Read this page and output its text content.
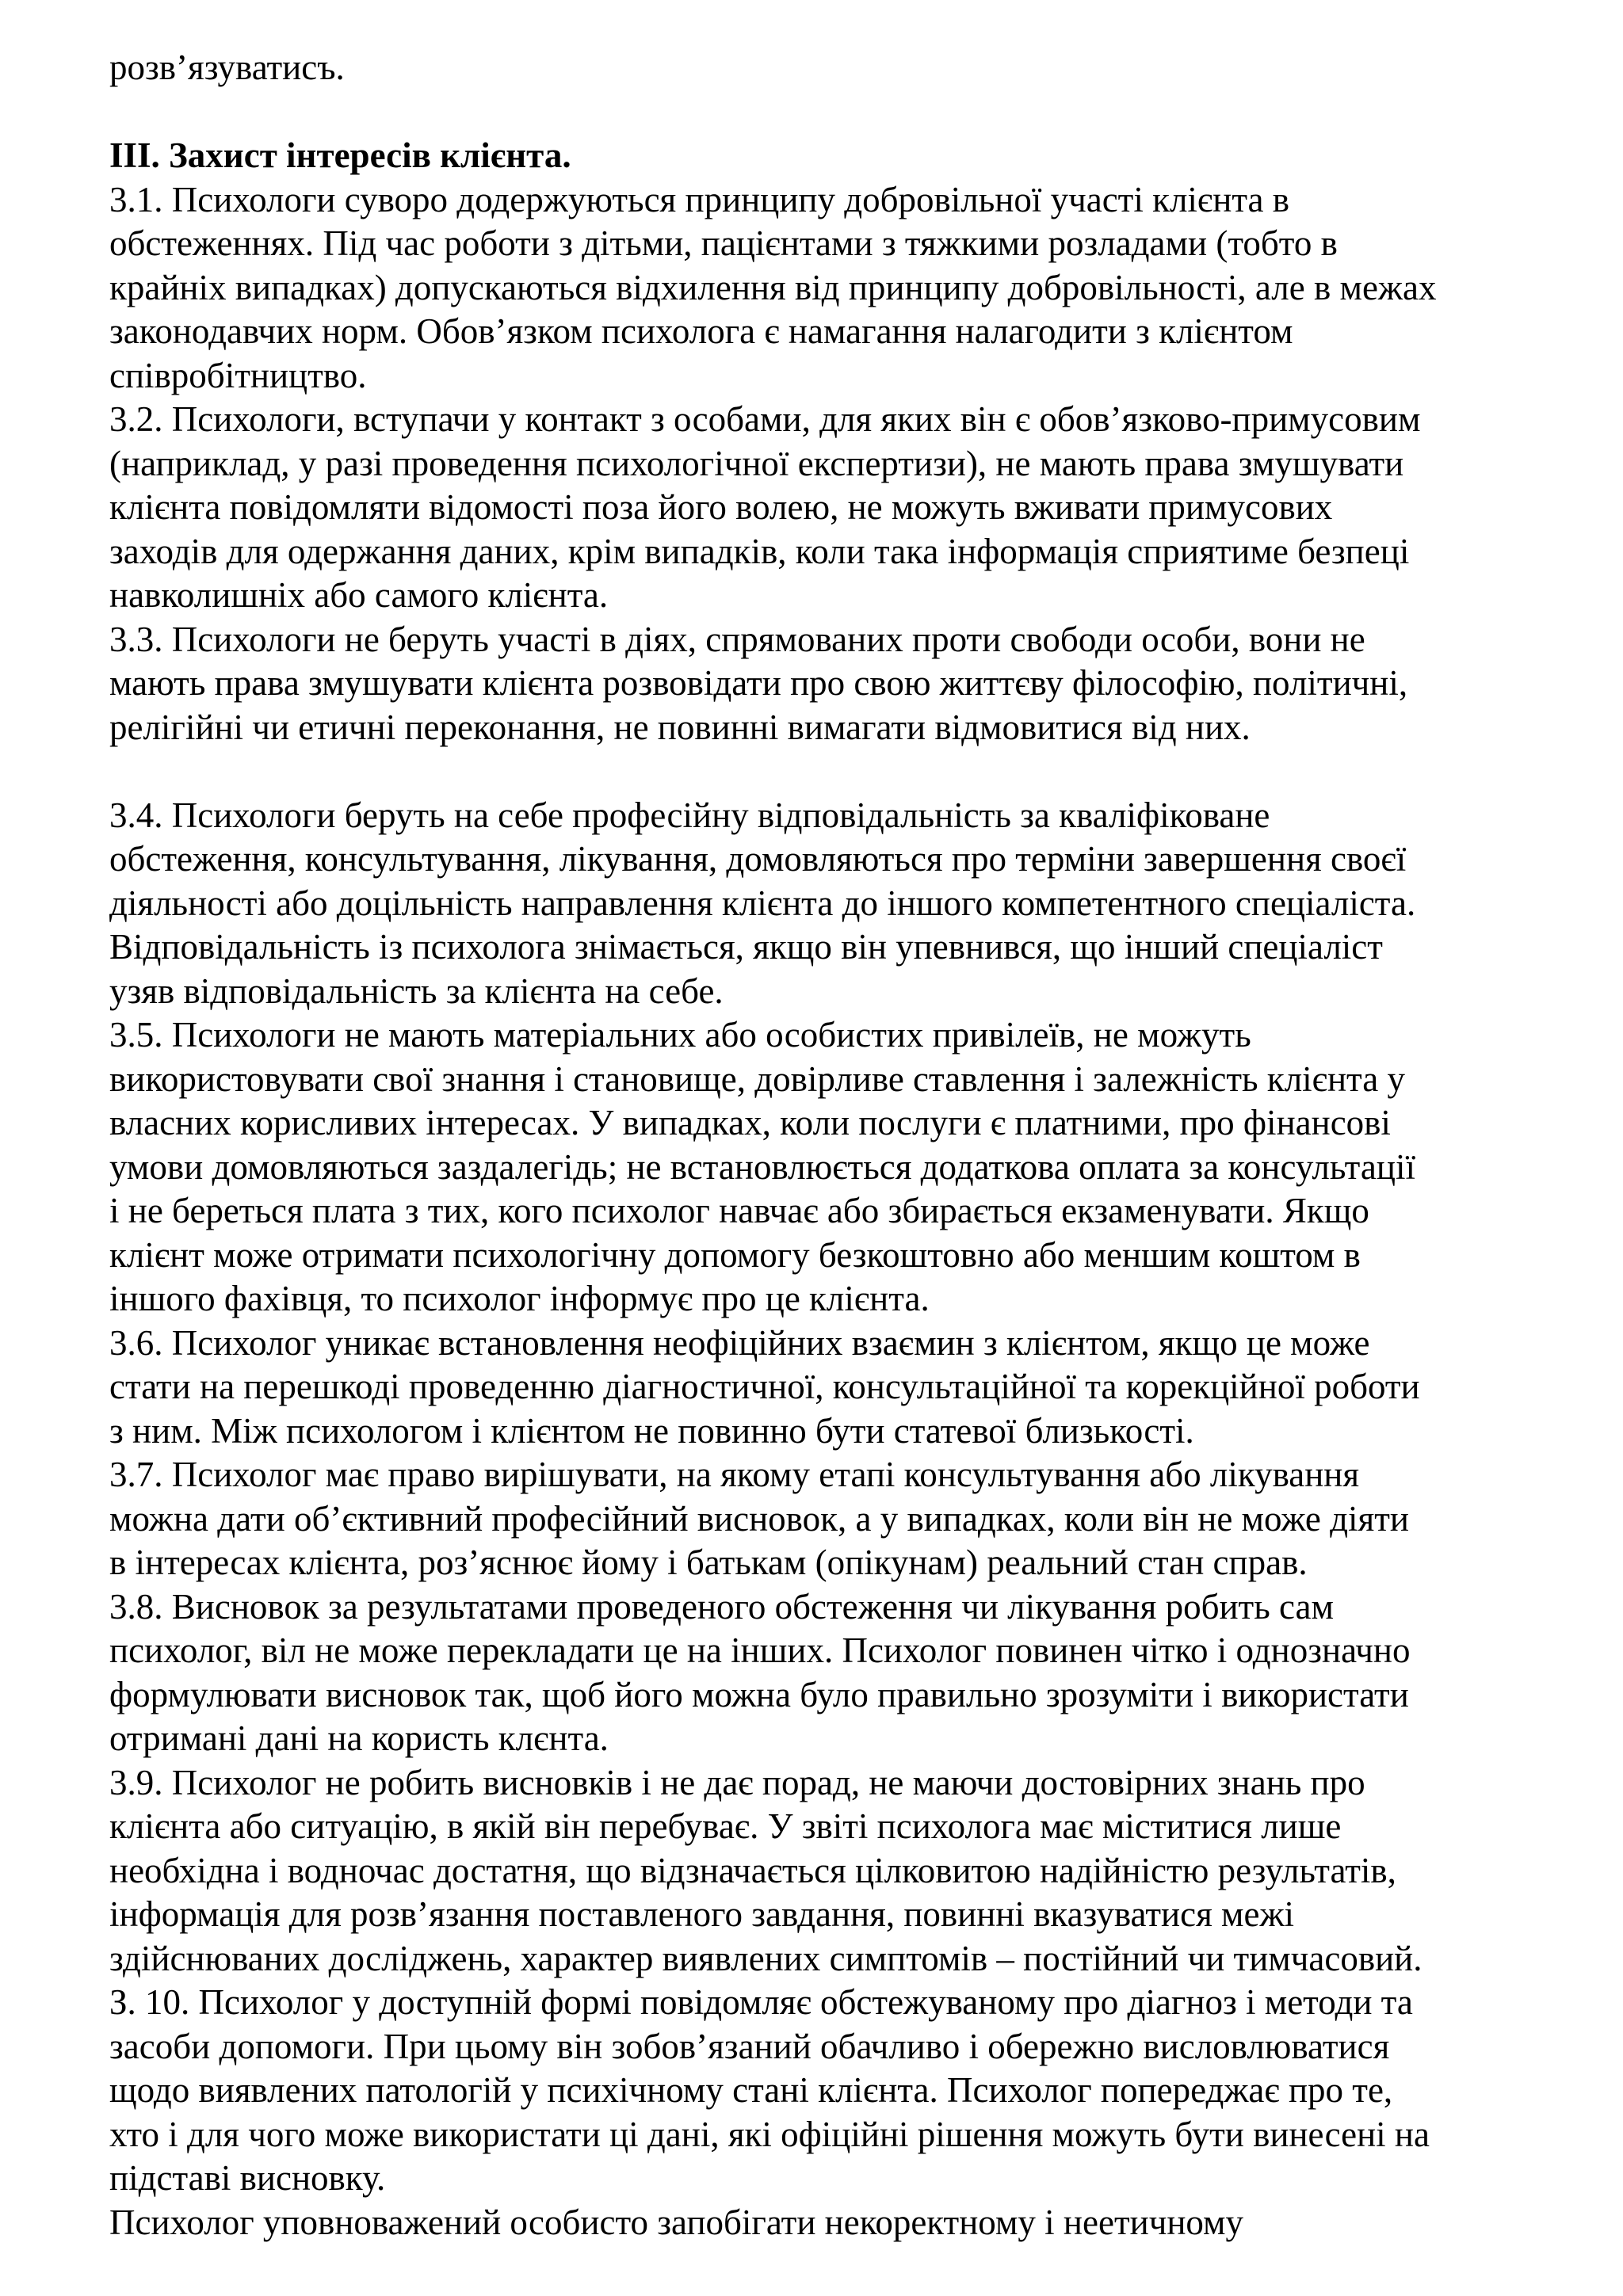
розв’язуватисъ.

ІІІ. Захист інтересів клієнта.

3.1. Психологи суворо додержуються принципу добровільної участі клієнта в
обстеженнях. Під час роботи з дітьми, пацієнтами з тяжкими розладами (тобто в
крайніх випадках) допускаються відхилення від принципу добровільності, але в межах
законодавчих норм. Обов’язком психолога є намагання налагодити з клієнтом
співробітництво.

3.2. Психологи, вступачи у контакт з особами, для яких він є обов’язково-примусовим
(наприклад, у разі проведення психологічної експертизи), не мають права змушувати
клієнта повідомляти відомості поза його волею, не можуть вживати примусових
заходів для одержання даних, крім випадків, коли така інформація сприятиме безпеці
навколишніх або самого клієнта.

3.3. Психологи не беруть участі в діях, спрямованих проти свободи особи, вони не
мають права змушувати клієнта розвовідати про свою життєву філософію, політичні,
релігійні чи етичні переконання, не повинні вимагати відмовитися від них.

3.4. Психологи беруть на себе професійну відповідальність за кваліфіковане
обстеження, консультування, лікування, домовляються про терміни завершення своєї
діяльності або доцільність направлення клієнта до іншого компетентного спеціаліста.
Відповідальність із психолога знімається, якщо він упевнився, що інший спеціаліст
узяв відповідальність за клієнта на себе.

3.5. Психологи не мають матеріальних або особистих привілеїв, не можуть
використовувати свої знання і становище, довірливе ставлення і залежність клієнта у
власних корисливих інтересах. У випадках, коли послуги є платними, про фінансові
умови домовляються заздалегідь; не встановлюється додаткова оплата за консультації
і не береться плата з тих, кого психолог навчає або збирається екзаменувати. Якщо
клієнт може отримати психологічну допомогу безкоштовно або меншим коштом в
іншого фахівця, то психолог інформує про це клієнта.

3.6. Психолог уникає встановлення неофіційних взаємин з клієнтом, якщо це може
стати на перешкоді проведенню діагностичної, консультаційної та корекційної роботи
з ним. Між психологом і клієнтом не повинно бути статевої близькості.

3.7. Психолог має право вирішувати, на якому етапі консультування або лікування
можна дати об’єктивний професійний висновок, а у випадках, коли він не може діяти
в інтересах клієнта, роз’яснює йому і батькам (опікунам) реальний стан справ.

3.8. Висновок за результатами проведеного обстеження чи лікування робить сам
психолог, віл не може перекладати це на інших. Психолог повинен чітко і однозначно
формулювати висновок так, щоб його можна було правильно зрозуміти і використати
отримані дані на користь клєнта.

3.9. Психолог не робить висновків і не дає порад, не маючи достовірних знань про
клієнта або ситуацію, в якій він перебуває. У звіті психолога має міститися лише
необхідна і водночас достатня, що відзначається цілковитою надійністю результатів,
інформація для розв’язання поставленого завдання, повинні вказуватися межі
здійснюваних досліджень, характер виявлених симптомів – постійний чи тимчасовий.

З. 10. Психолог у доступній формі повідомляє обстежуваному про діагноз і методи та
засоби допомоги. При цьому він зобов’язаний обачливо і обережно висловлюватися
щодо виявлених патологій у психічному стані клієнта. Психолог попереджає про те,
хто і для чого може використати ці дані, які офіційні рішення можуть бути винесені на
підставі висновку.

Психолог уповноважений особисто запобігати некоректному і неетичному
